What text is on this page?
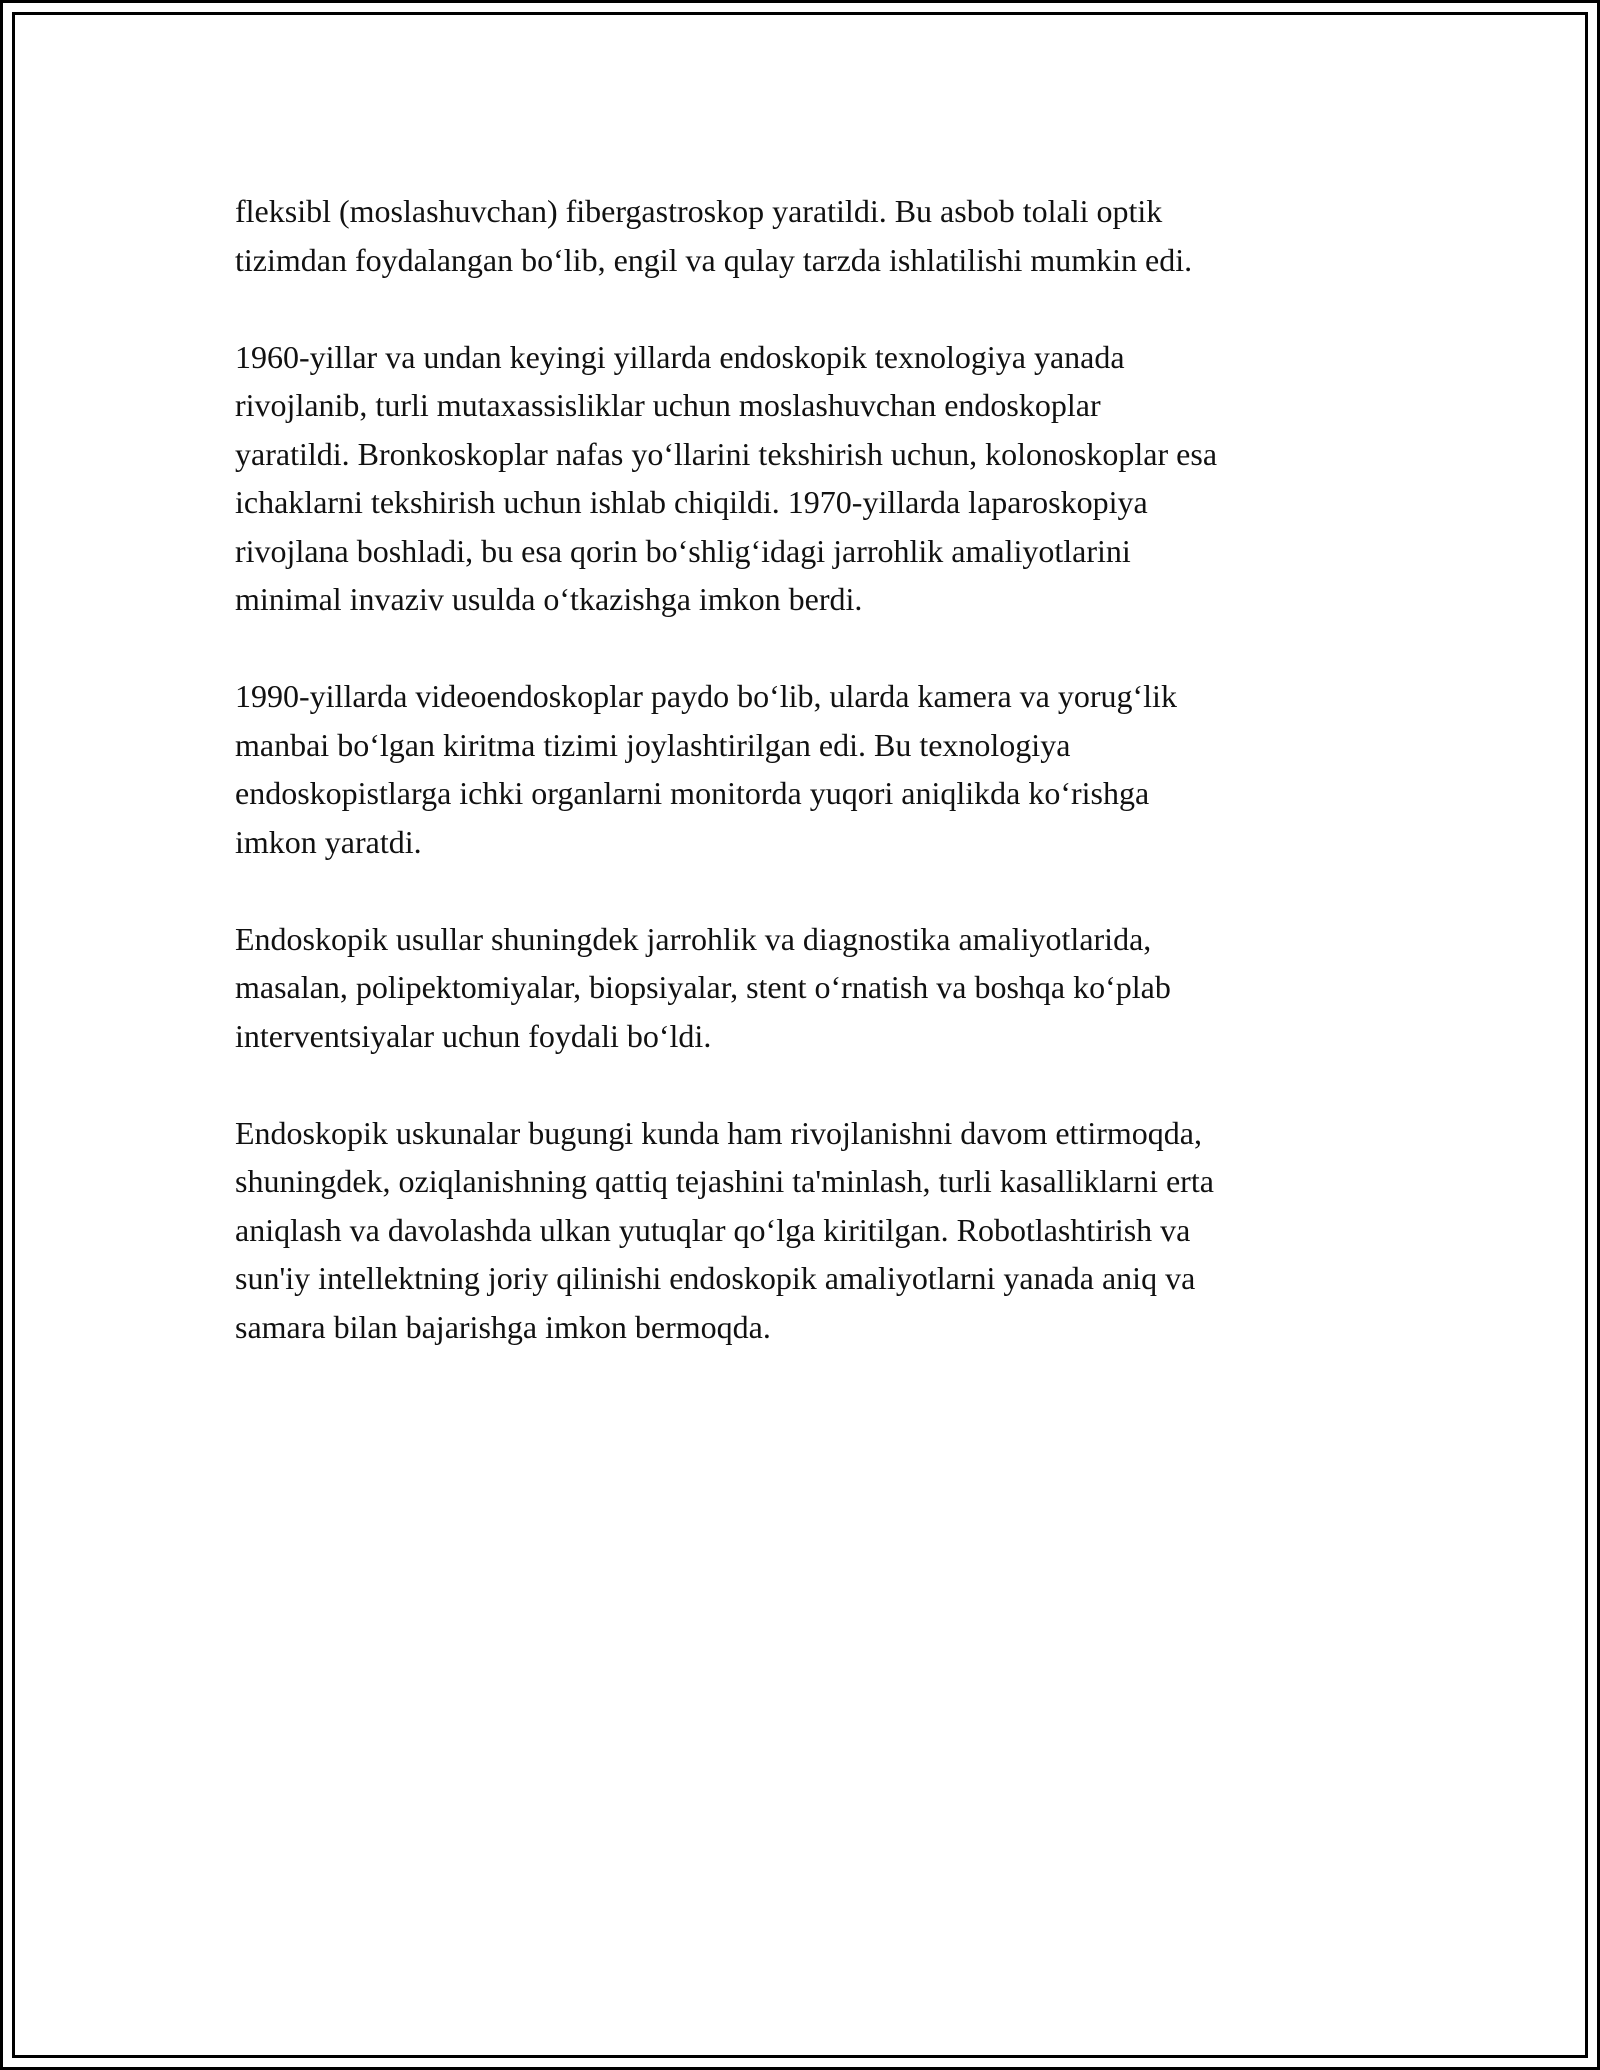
fleksibl (moslashuvchan) fibergastroskop yaratildi. Bu asbob tolali optik
tizimdan foydalangan bo‘lib, engil va qulay tarzda ishlatilishi mumkin edi.

1960-yillar va undan keyingi yillarda endoskopik texnologiya yanada
rivojlanib, turli mutaxassisliklar uchun moslashuvchan endoskoplar
yaratildi. Bronkoskoplar nafas yo‘llarini tekshirish uchun, kolonoskoplar esa
ichaklarni tekshirish uchun ishlab chiqildi. 1970-yillarda laparoskopiya
rivojlana boshladi, bu esa qorin bo‘shlig‘idagi jarrohlik amaliyotlarini
minimal invaziv usulda o‘tkazishga imkon berdi.

1990-yillarda videoendoskoplar paydo bo‘lib, ularda kamera va yorug‘lik
manbai bo‘lgan kiritma tizimi joylashtirilgan edi. Bu texnologiya
endoskopistlarga ichki organlarni monitorda yuqori aniqlikda ko‘rishga
imkon yaratdi.

Endoskopik usullar shuningdek jarrohlik va diagnostika amaliyotlarida,
masalan, polipektomiyalar, biopsiyalar, stent o‘rnatish va boshqa ko‘plab
interventsiyalar uchun foydali bo‘ldi.

Endoskopik uskunalar bugungi kunda ham rivojlanishni davom ettirmoqda,
shuningdek, oziqlanishning qattiq tejashini ta'minlash, turli kasalliklarni erta
aniqlash va davolashda ulkan yutuqlar qo‘lga kiritilgan. Robotlashtirish va
sun'iy intellektning joriy qilinishi endoskopik amaliyotlarni yanada aniq va
samara bilan bajarishga imkon bermoqda.
